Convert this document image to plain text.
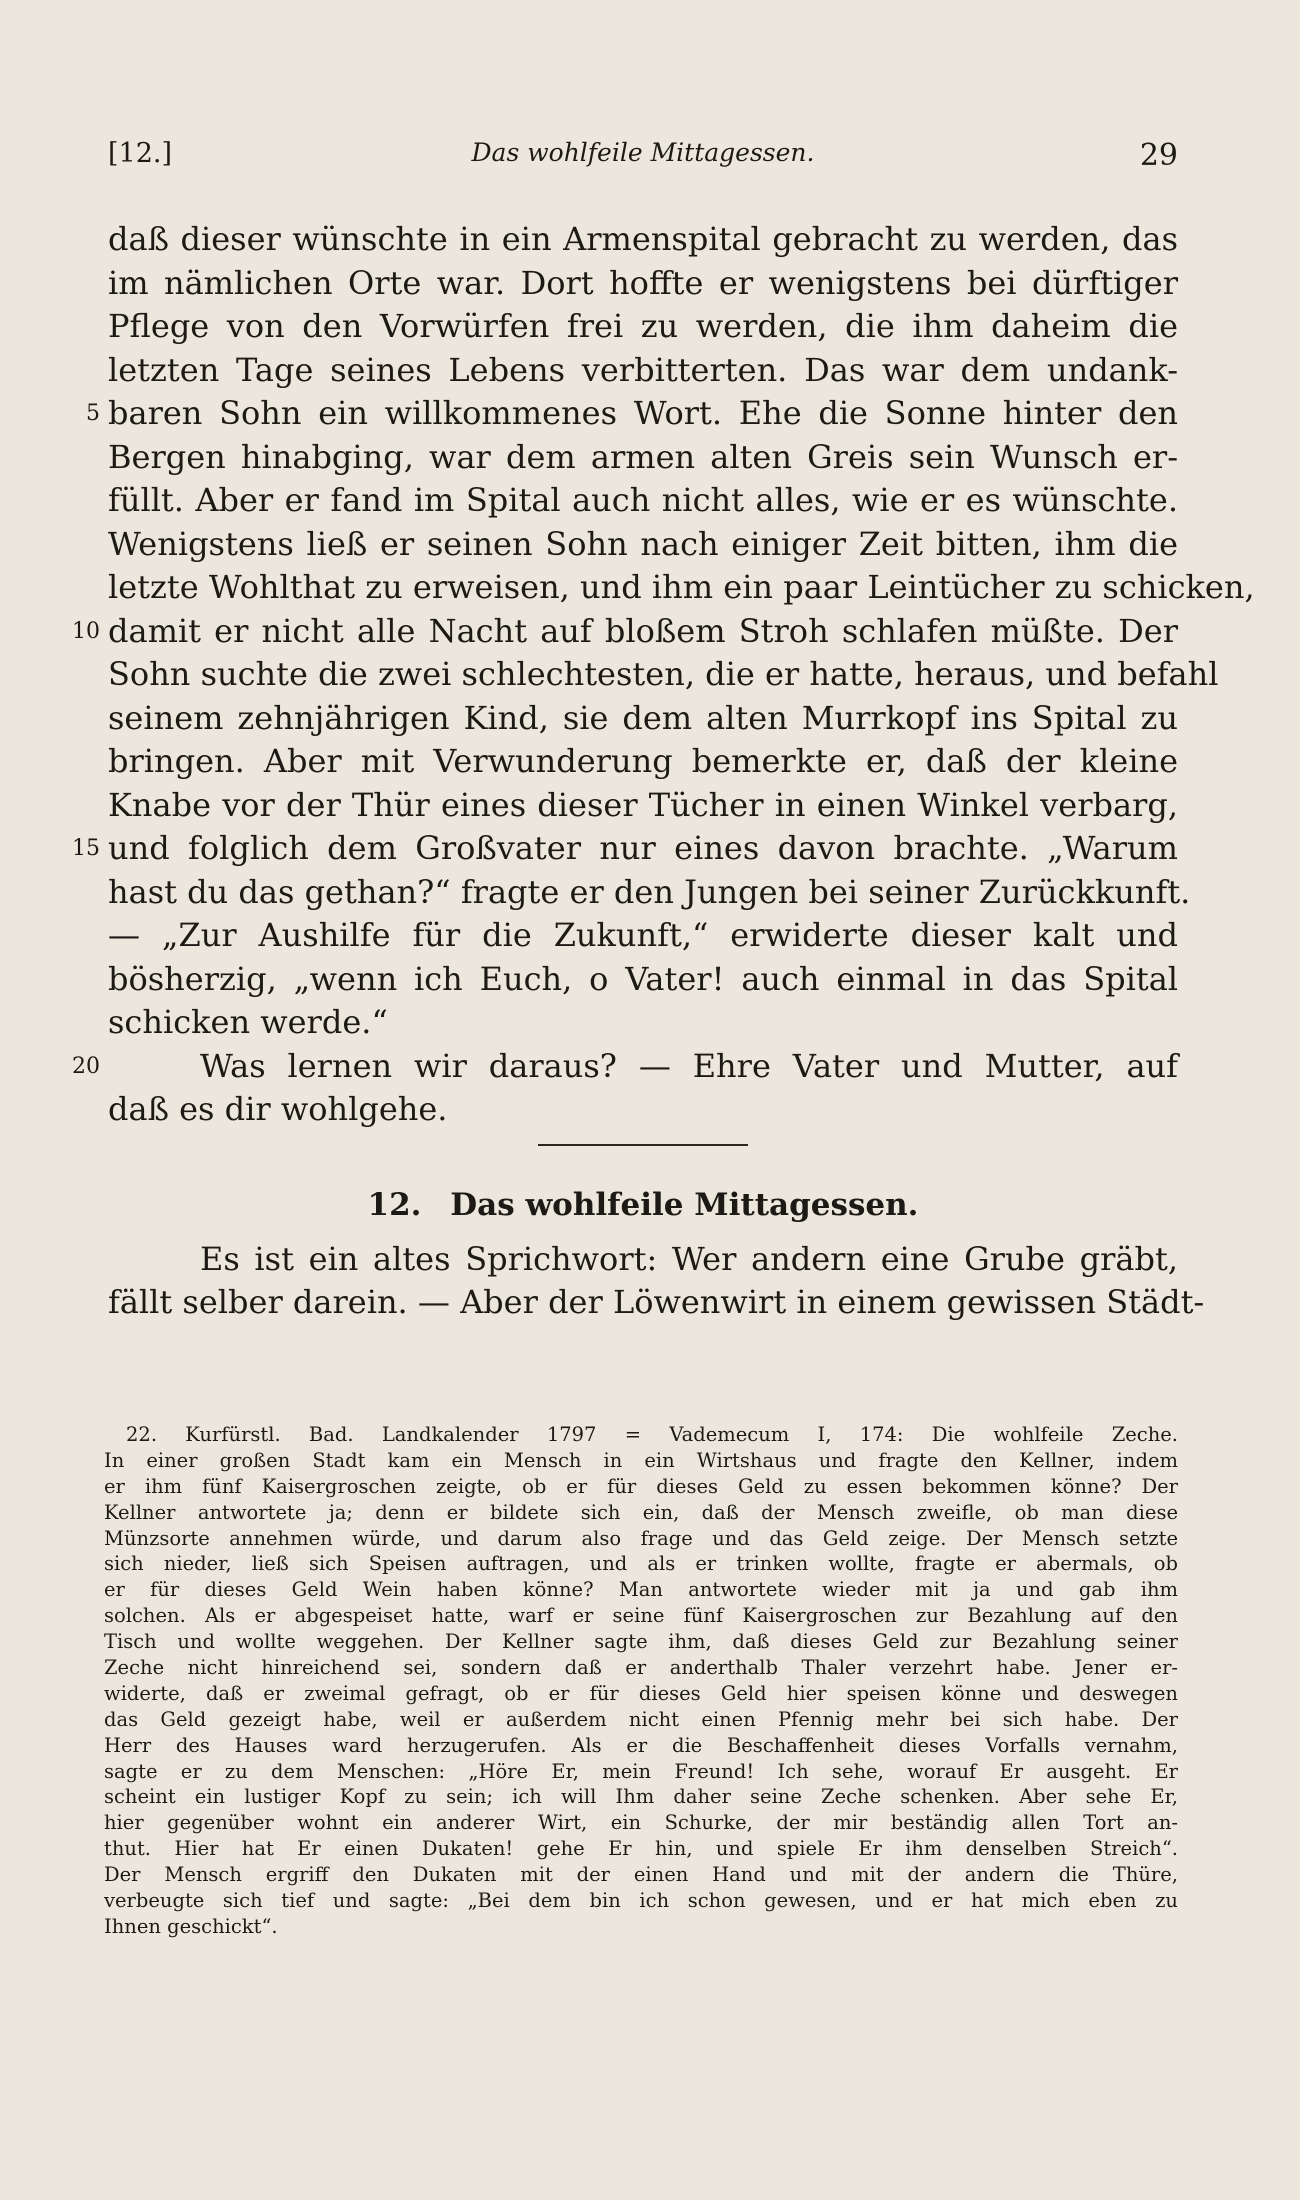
[12.]	Das wohlfeile Mittagessen.	29
daß dieser wünschte in ein Armenspital gebracht zu werden, das
im nämlichen Orte war. Dort hoffte er wenigstens bei dürftiger
Pflege von den Vorwürfen frei zu werden, die ihm daheim die
letzten Tage seines Lebens verbitterten. Das war dem undank-
5 baren Sohn ein willkommenes Wort. Ehe die Sonne hinter den
Bergen hinabging, war dem armen alten Greis sein Wunsch er-
füllt. Aber er fand im Spital auch nicht alles, wie er es wünschte.
Wenigstens ließ er seinen Sohn nach einiger Zeit bitten, ihm die
letzte Wohlthat zu erweisen, und ihm ein paar Leintücher zu schicken,
10 damit er nicht alle Nacht auf bloßem Stroh schlafen müßte. Der
Sohn suchte die zwei schlechtesten, die er hatte, heraus, und befahl
seinem zehnjährigen Kind, sie dem alten Murrkopf ins Spital zu
bringen. Aber mit Verwunderung bemerkte er, daß der kleine
Knabe vor der Thür eines dieser Tücher in einen Winkel verbarg,
15 und folglich dem Großvater nur eines davon brachte. „Warum
hast du das gethan?“ fragte er den Jungen bei seiner Zurückkunft.
— „Zur Aushilfe für die Zukunft,“ erwiderte dieser kalt und
bösherzig, „wenn ich Euch, o Vater! auch einmal in das Spital
schicken werde.“
20	Was lernen wir daraus? — Ehre Vater und Mutter, auf
daß es dir wohlgehe.
12. Das wohlfeile Mittagessen.
Es ist ein altes Sprichwort: Wer andern eine Grube gräbt,
fällt selber darein. — Aber der Löwenwirt in einem gewissen Städt-
22. Kurfürstl. Bad. Landkalender 1797 = Vademecum I, 174: Die wohlfeile Zeche.
In einer großen Stadt kam ein Mensch in ein Wirtshaus und fragte den Kellner, indem
er ihm fünf Kaisergroschen zeigte, ob er für dieses Geld zu essen bekommen könne? Der
Kellner antwortete ja; denn er bildete sich ein, daß der Mensch zweifle, ob man diese
Münzsorte annehmen würde, und darum also frage und das Geld zeige. Der Mensch setzte
sich nieder, ließ sich Speisen auftragen, und als er trinken wollte, fragte er abermals, ob
er für dieses Geld Wein haben könne? Man antwortete wieder mit ja und gab ihm
solchen. Als er abgespeiset hatte, warf er seine fünf Kaisergroschen zur Bezahlung auf den
Tisch und wollte weggehen. Der Kellner sagte ihm, daß dieses Geld zur Bezahlung seiner
Zeche nicht hinreichend sei, sondern daß er anderthalb Thaler verzehrt habe. Jener er-
widerte, daß er zweimal gefragt, ob er für dieses Geld hier speisen könne und deswegen
das Geld gezeigt habe, weil er außerdem nicht einen Pfennig mehr bei sich habe. Der
Herr des Hauses ward herzugerufen. Als er die Beschaffenheit dieses Vorfalls vernahm,
sagte er zu dem Menschen: „Höre Er, mein Freund! Ich sehe, worauf Er ausgeht. Er
scheint ein lustiger Kopf zu sein; ich will Ihm daher seine Zeche schenken. Aber sehe Er,
hier gegenüber wohnt ein anderer Wirt, ein Schurke, der mir beständig allen Tort an-
thut. Hier hat Er einen Dukaten! gehe Er hin, und spiele Er ihm denselben Streich“.
Der Mensch ergriff den Dukaten mit der einen Hand und mit der andern die Thüre,
verbeugte sich tief und sagte: „Bei dem bin ich schon gewesen, und er hat mich eben zu
Ihnen geschickt“.
